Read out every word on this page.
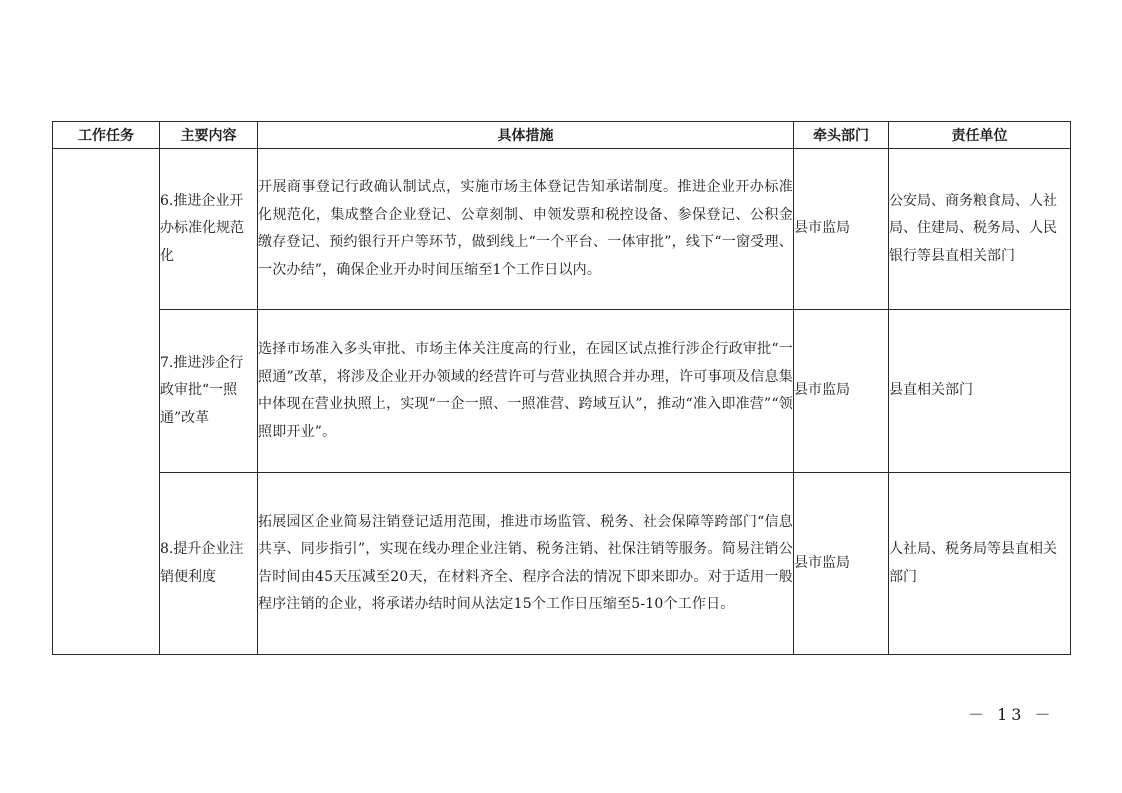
工作任务	主要内容	具体措施	牵头部门	责任单位
	6.推进企业开办标准化规范化	开展商事登记行政确认制试点，实施市场主体登记告知承诺制度。推进企业开办标准化规范化，集成整合企业登记、公章刻制、申领发票和税控设备、参保登记、公积金缴存登记、预约银行开户等环节，做到线上“一个平台、一体审批”，线下“一窗受理、一次办结”，确保企业开办时间压缩至1个工作日以内。	县市监局	公安局、商务粮食局、人社局、住建局、税务局、人民银行等县直相关部门
	7.推进涉企行政审批“一照通”改革	选择市场准入多头审批、市场主体关注度高的行业，在园区试点推行涉企行政审批“一照通”改革，将涉及企业开办领域的经营许可与营业执照合并办理，许可事项及信息集中体现在营业执照上，实现“一企一照、一照准营、跨域互认”，推动“准入即准营”“领照即开业”。	县市监局	县直相关部门
	8.提升企业注销便利度	拓展园区企业简易注销登记适用范围，推进市场监管、税务、社会保障等跨部门“信息共享、同步指引”，实现在线办理企业注销、税务注销、社保注销等服务。简易注销公告时间由45天压减至20天，在材料齐全、程序合法的情况下即来即办。对于适用一般程序注销的企业，将承诺办结时间从法定15个工作日压缩至5-10个工作日。	县市监局	人社局、税务局等县直相关部门
－ 13 －
